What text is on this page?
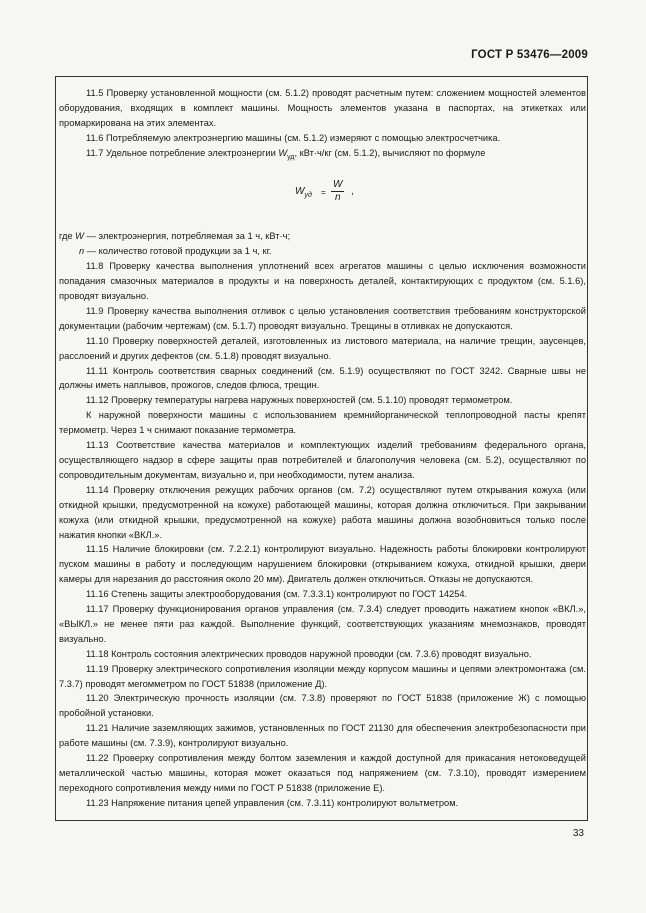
ГОСТ Р 53476—2009

11.5 Проверку установленной мощности (см. 5.1.2) проводят расчетным путем: сложением мощностей элементов оборудования, входящих в комплект машины. Мощность элементов указана в паспортах, на этикетках или промаркирована на этих элементах.

11.6 Потребляемую электроэнергию машины (см. 5.1.2) измеряют с помощью электросчетчика.

11.7 Удельное потребление электроэнергии $W_{уд}$, кВт·ч/кг (см. 5.1.2), вычисляют по формуле

$W_{уд} = \frac{W}{n}$ ,

где W — электроэнергия, потребляемая за 1 ч, кВт·ч;

n — количество готовой продукции за 1 ч, кг.

11.8 Проверку качества выполнения уплотнений всех агрегатов машины с целью исключения возможности попадания смазочных материалов в продукты и на поверхность деталей, контактирующих с продуктом (см. 5.1.6), проводят визуально.

11.9 Проверку качества выполнения отливок с целью установления соответствия требованиям конструкторской документации (рабочим чертежам) (см. 5.1.7) проводят визуально. Трещины в отливках не допускаются.

11.10 Проверку поверхностей деталей, изготовленных из листового материала, на наличие трещин, заусенцев, расслоений и других дефектов (см. 5.1.8) проводят визуально.

11.11 Контроль соответствия сварных соединений (см. 5.1.9) осуществляют по ГОСТ 3242. Сварные швы не должны иметь наплывов, прожогов, следов флюса, трещин.

11.12 Проверку температуры нагрева наружных поверхностей (см. 5.1.10) проводят термометром.

К наружной поверхности машины с использованием кремнийорганической теплопроводной пасты крепят термометр. Через 1 ч снимают показание термометра.

11.13 Соответствие качества материалов и комплектующих изделий требованиям федерального органа, осуществляющего надзор в сфере защиты прав потребителей и благополучия человека (см. 5.2), осуществляют по сопроводительным документам, визуально и, при необходимости, путем анализа.

11.14 Проверку отключения режущих рабочих органов (см. 7.2) осуществляют путем открывания кожуха (или откидной крышки, предусмотренной на кожухе) работающей машины, которая должна отключиться. При закрывании кожуха (или откидной крышки, предусмотренной на кожухе) работа машины должна возобновиться только после нажатия кнопки «ВКЛ.».

11.15 Наличие блокировки (см. 7.2.2.1) контролируют визуально. Надежность работы блокировки контролируют пуском машины в работу и последующим нарушением блокировки (открыванием кожуха, откидной крышки, двери камеры для нарезания до расстояния около 20 мм). Двигатель должен отключиться. Отказы не допускаются.

11.16 Степень защиты электрооборудования (см. 7.3.3.1) контролируют по ГОСТ 14254.

11.17 Проверку функционирования органов управления (см. 7.3.4) следует проводить нажатием кнопок «ВКЛ.», «ВЫКЛ.» не менее пяти раз каждой. Выполнение функций, соответствующих указаниям мнемознаков, проводят визуально.

11.18 Контроль состояния электрических проводов наружной проводки (см. 7.3.6) проводят визуально.

11.19 Проверку электрического сопротивления изоляции между корпусом машины и цепями электромонтажа (см. 7.3.7) проводят мегомметром по ГОСТ 51838 (приложение Д).

11.20 Электрическую прочность изоляции (см. 7.3.8) проверяют по ГОСТ 51838 (приложение Ж) с помощью пробойной установки.

11.21 Наличие заземляющих зажимов, установленных по ГОСТ 21130 для обеспечения электробезопасности при работе машины (см. 7.3.9), контролируют визуально.

11.22 Проверку сопротивления между болтом заземления и каждой доступной для прикасания нетоковедущей металлической частью машины, которая может оказаться под напряжением (см. 7.3.10), проводят измерением переходного сопротивления между ними по ГОСТ Р 51838 (приложение Е).

11.23 Напряжение питания цепей управления (см. 7.3.11) контролируют вольтметром.

33
